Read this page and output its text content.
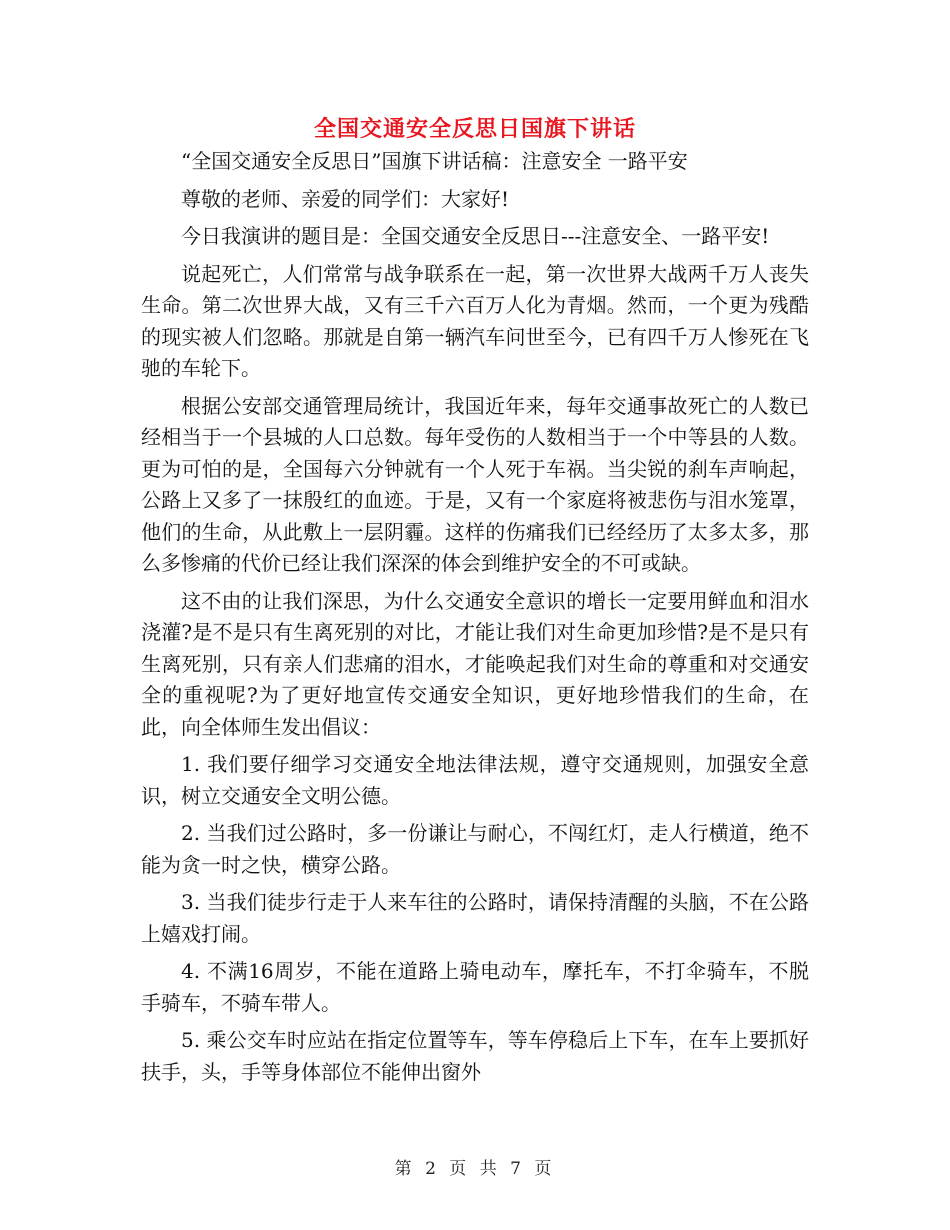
全国交通安全反思日国旗下讲话

“全国交通安全反思日”国旗下讲话稿：注意安全 一路平安

尊敬的老师、亲爱的同学们：大家好!

今日我演讲的题目是：全国交通安全反思日---注意安全、一路平安!

说起死亡，人们常常与战争联系在一起，第一次世界大战两千万人丧失生命。第二次世界大战，又有三千六百万人化为青烟。然而，一个更为残酷的现实被人们忽略。那就是自第一辆汽车问世至今，已有四千万人惨死在飞驰的车轮下。

根据公安部交通管理局统计，我国近年来，每年交通事故死亡的人数已经相当于一个县城的人口总数。每年受伤的人数相当于一个中等县的人数。更为可怕的是，全国每六分钟就有一个人死于车祸。当尖锐的刹车声响起，公路上又多了一抹殷红的血迹。于是，又有一个家庭将被悲伤与泪水笼罩，他们的生命，从此敷上一层阴霾。这样的伤痛我们已经经历了太多太多，那么多惨痛的代价已经让我们深深的体会到维护安全的不可或缺。

这不由的让我们深思，为什么交通安全意识的增长一定要用鲜血和泪水浇灌?是不是只有生离死别的对比，才能让我们对生命更加珍惜?是不是只有生离死别，只有亲人们悲痛的泪水，才能唤起我们对生命的尊重和对交通安全的重视呢?为了更好地宣传交通安全知识，更好地珍惜我们的生命，在此，向全体师生发出倡议：

1. 我们要仔细学习交通安全地法律法规，遵守交通规则，加强安全意识，树立交通安全文明公德。

2. 当我们过公路时，多一份谦让与耐心，不闯红灯，走人行横道，绝不能为贪一时之快，横穿公路。

3. 当我们徒步行走于人来车往的公路时，请保持清醒的头脑，不在公路上嬉戏打闹。

4. 不满16周岁，不能在道路上骑电动车，摩托车，不打伞骑车，不脱手骑车，不骑车带人。

5. 乘公交车时应站在指定位置等车，等车停稳后上下车，在车上要抓好扶手，头，手等身体部位不能伸出窗外

第 2 页 共 7 页
